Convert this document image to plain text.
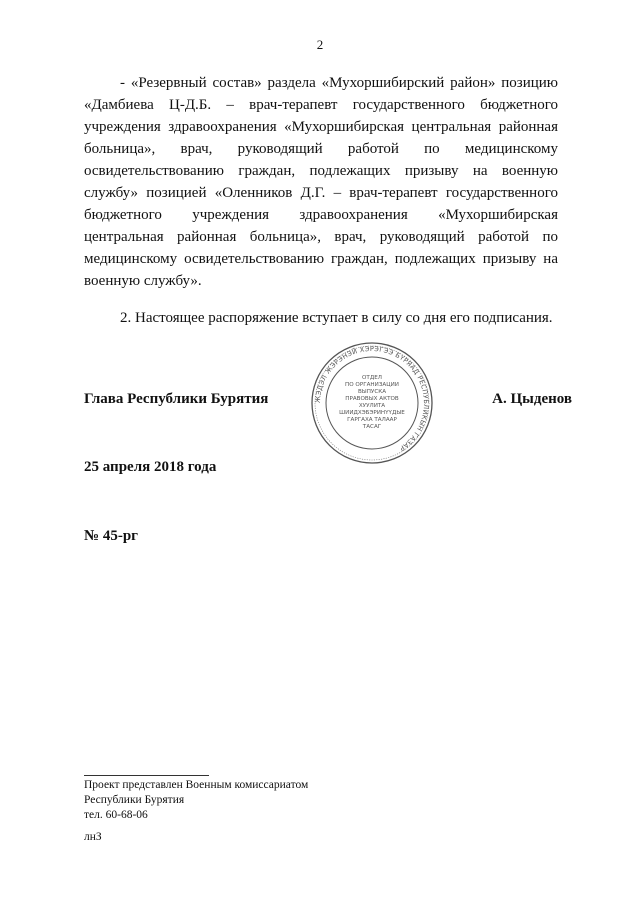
2

- «Резервный состав» раздела «Мухоршибирский район» позицию «Дамбиева Ц-Д.Б. – врач-терапевт государственного бюджетного учреждения здравоохранения «Мухоршибирская центральная районная больница», врач, руководящий работой по медицинскому освидетельствованию граждан, подлежащих призыву на военную службу» позицией «Оленников Д.Г. – врач-терапевт государственного бюджетного учреждения здравоохранения «Мухоршибирская центральная районная больница», врач, руководящий работой по медицинскому освидетельствованию граждан, подлежащих призыву на военную службу».

2. Настоящее распоряжение вступает в силу со дня его подписания.

ЖЭДЭЛ ЖЭРЭНЭЙ ХЭРЭГЭЭ БҮРЯАД РЕСПУБЛИКЫН ГАЗАР
ОТДЕЛ
ПО ОРГАНИЗАЦИИ
ВЫПУСКА
ПРАВОВЫХ АКТОВ
ХУУЛИТА
ШИИДХЭБЭРИНҮҮДЫЕ
ГАРГАХА ТАЛААР
ТАСАГ
Глава Республики Бурятия	А. Цыденов
25 апреля 2018 года
№ 45-рг
Проект представлен Военным комиссариатом
Республики Бурятия
тел. 60-68-06
лнЗ
